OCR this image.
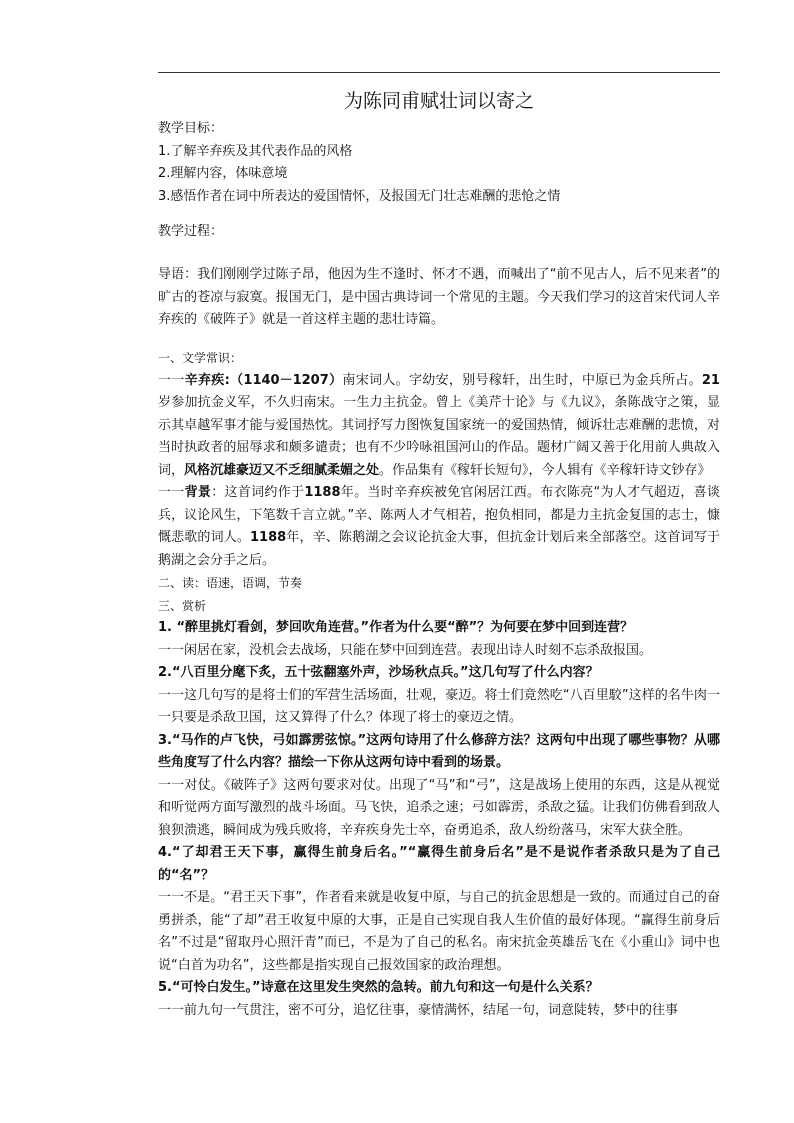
为陈同甫赋壮词以寄之

教学目标：

1.了解辛弃疾及其代表作品的风格

2.理解内容，体味意境

3.感悟作者在词中所表达的爱国情怀，及报国无门壮志难酬的悲怆之情

教学过程：

导语：我们刚刚学过陈子昂，他因为生不逢时、怀才不遇，而喊出了“前不见古人，后不见来者”的旷古的苍凉与寂寞。报国无门，是中国古典诗词一个常见的主题。今天我们学习的这首宋代词人辛弃疾的《破阵子》就是一首这样主题的悲壮诗篇。

一、文学常识：

一一辛弃疾:（1140－1207）南宋词人。字幼安，别号稼轩，出生时，中原已为金兵所占。21岁参加抗金义军，不久归南宋。一生力主抗金。曾上《美芹十论》与《九议》，条陈战守之策，显示其卓越军事才能与爱国热忱。其词抒写力图恢复国家统一的爱国热情，倾诉壮志难酬的悲愤，对当时执政者的屈辱求和颇多谴责；也有不少吟咏祖国河山的作品。题材广阔又善于化用前人典故入词，风格沉雄豪迈又不乏细腻柔媚之处。作品集有《稼轩长短句》，今人辑有《辛稼轩诗文钞存》

一一背景：这首词约作于1188年。当时辛弃疾被免官闲居江西。布衣陈亮“为人才气超迈，喜谈兵，议论风生，下笔数千言立就。”辛、陈两人才气相若，抱负相同，都是力主抗金复国的志士，慷慨悲歌的词人。1188年，辛、陈鹅湖之会议论抗金大事，但抗金计划后来全部落空。这首词写于鹅湖之会分手之后。

二、读：语速，语调，节奏

三、赏析

1. “醉里挑灯看剑，梦回吹角连营。”作者为什么要“醉”？为何要在梦中回到连营？

一一闲居在家，没机会去战场，只能在梦中回到连营。表现出诗人时刻不忘杀敌报国。

2.“八百里分麾下炙，五十弦翻塞外声，沙场秋点兵。”这几句写了什么内容？

一一这几句写的是将士们的军营生活场面，壮观，豪迈。将士们竟然吃“八百里駮”这样的名牛肉一一只要是杀敌卫国，这又算得了什么？体现了将士的豪迈之情。

3.“马作的卢飞快，弓如霹雳弦惊。”这两句诗用了什么修辞方法？这两句中出现了哪些事物？从哪些角度写了什么内容？描绘一下你从这两句诗中看到的场景。

一一对仗。《破阵子》这两句要求对仗。出现了“马”和“弓”，这是战场上使用的东西，这是从视觉和听觉两方面写激烈的战斗场面。马飞快，追杀之速；弓如霹雳，杀敌之猛。让我们仿佛看到敌人狼狈溃逃，瞬间成为残兵败将，辛弃疾身先士卒，奋勇追杀，敌人纷纷落马，宋军大获全胜。

4.“了却君王天下事，赢得生前身后名。”“赢得生前身后名”是不是说作者杀敌只是为了自己的“名”？

一一不是。“君王天下事”，作者看来就是收复中原，与自己的抗金思想是一致的。而通过自己的奋勇拼杀，能“了却”君王收复中原的大事，正是自己实现自我人生价值的最好体现。“赢得生前身后名”不过是“留取丹心照汗青”而已，不是为了自己的私名。南宋抗金英雄岳飞在《小重山》词中也说“白首为功名”，这些都是指实现自己报效国家的政治理想。

5.“可怜白发生。”诗意在这里发生突然的急转。前九句和这一句是什么关系？

一一前九句一气贯注，密不可分，追忆往事，豪情满怀，结尾一句，词意陡转，梦中的往事
